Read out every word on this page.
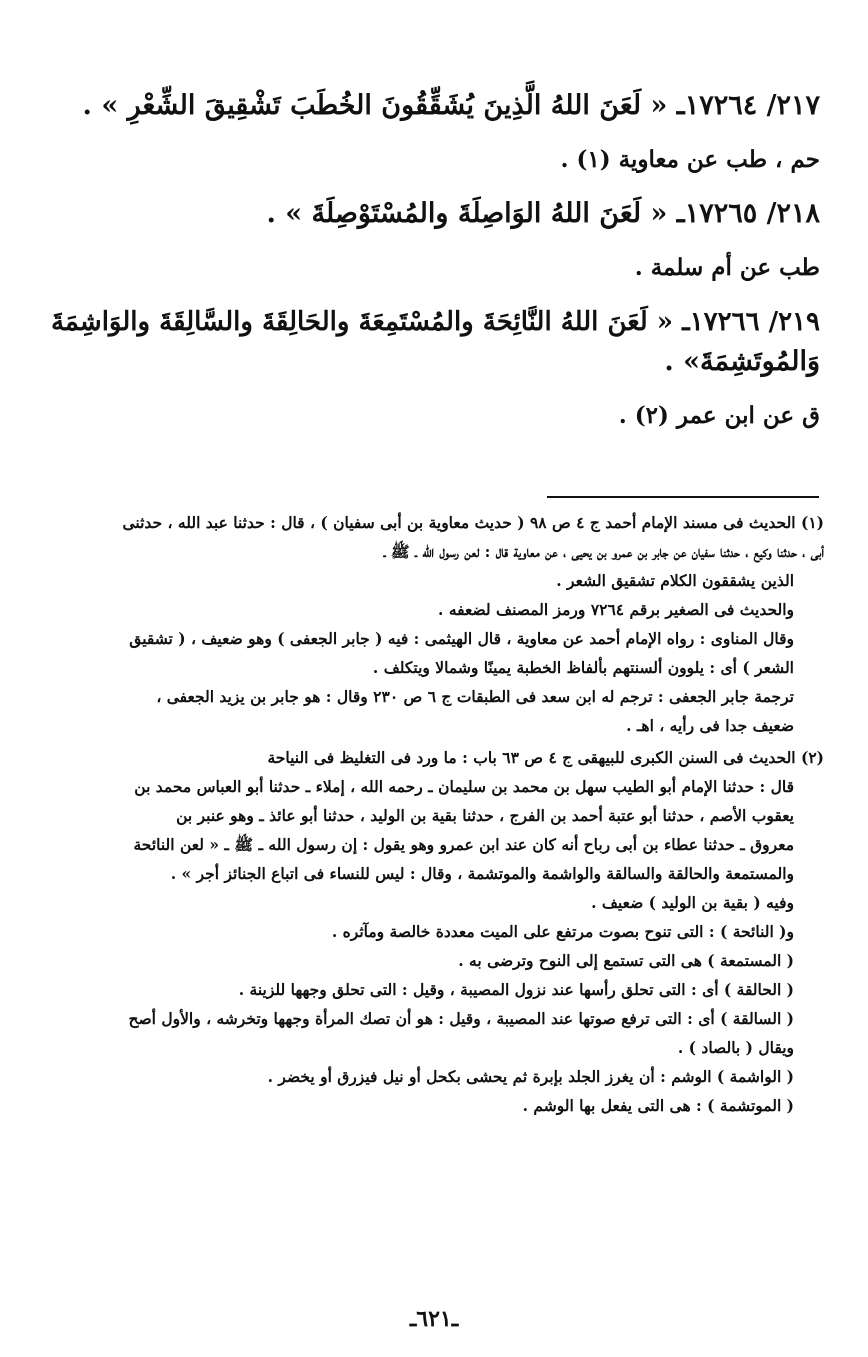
٢١٧/ ١٧٢٦٤ـ « لَعَنَ اللهُ الَّذِينَ يُشَقِّقُونَ الخُطَبَ تَشْقِيقَ الشِّعْرِ » .

حم ، طب عن معاوية (١) .

٢١٨/ ١٧٢٦٥ـ « لَعَنَ اللهُ الوَاصِلَةَ والمُسْتَوْصِلَةَ » .

طب عن أم سلمة .

٢١٩/ ١٧٢٦٦ـ « لَعَنَ اللهُ النَّائِحَةَ والمُسْتَمِعَةَ والحَالِقَةَ والسَّالِقَةَ والوَاشِمَةَ

وَالمُوتَشِمَةَ» .

ق عن ابن عمر (٢) .

(١) الحديث فى مسند الإمام أحمد ج ٤ ص ٩٨ ( حديث معاوية بن أبى سفيان ) ، قال : حدثنا عبد الله ، حدثنى

أبى ، حدثنا وكيع ، حدثنا سفيان عن جابر بن عمرو بن يحيى ، عن معاوية قال : لعن رسول الله ـ ﷺ ـ

الذين يشققون الكلام تشقيق الشعر .

والحديث فى الصغير برقم ٧٢٦٤ ورمز المصنف لضعفه .

وقال المناوى : رواه الإمام أحمد عن معاوية ، قال الهيثمى : فيه ( جابر الجعفى ) وهو ضعيف ، ( تشقيق

الشعر ) أى : يلوون ألسنتهم بألفاظ الخطبة يمينًا وشمالا ويتكلف .

ترجمة جابر الجعفى : ترجم له ابن سعد فى الطبقات ج ٦ ص ٢٣٠ وقال : هو جابر بن يزيد الجعفى ،

ضعيف جدا فى رأيه ، اهـ .

(٢) الحديث فى السنن الكبرى للبيهقى ج ٤ ص ٦٣ باب : ما ورد فى التغليظ فى النياحة

قال : حدثنا الإمام أبو الطيب سهل بن محمد بن سليمان ـ رحمه الله ، إملاء ـ حدثنا أبو العباس محمد بن

يعقوب الأصم ، حدثنا أبو عتبة أحمد بن الفرج ، حدثنا بقية بن الوليد ، حدثنا أبو عائذ ـ وهو عنبر بن

معروق ـ حدثنا عطاء بن أبى رباح أنه كان عند ابن عمرو وهو يقول : إن رسول الله ـ ﷺ ـ « لعن النائحة

والمستمعة والحالقة والسالقة والواشمة والموتشمة ، وقال : ليس للنساء فى اتباع الجنائز أجر » .

وفيه ( بقية بن الوليد ) ضعيف .

و( النائحة ) : التى تنوح بصوت مرتفع على الميت معددة خالصة ومآثره .

( المستمعة ) هى التى تستمع إلى النوح وترضى به .

( الحالقة ) أى : التى تحلق رأسها عند نزول المصيبة ، وقيل : التى تحلق وجهها للزينة .

( السالقة ) أى : التى ترفع صوتها عند المصيبة ، وقيل : هو أن تصك المرأة وجهها وتخرشه ، والأول أصح

ويقال ( بالصاد ) .

( الواشمة ) الوشم : أن يغرز الجلد بإبرة ثم يحشى بكحل أو نيل فيزرق أو يخضر .

( الموتشمة ) : هى التى يفعل بها الوشم .

ـ٦٢١ـ
